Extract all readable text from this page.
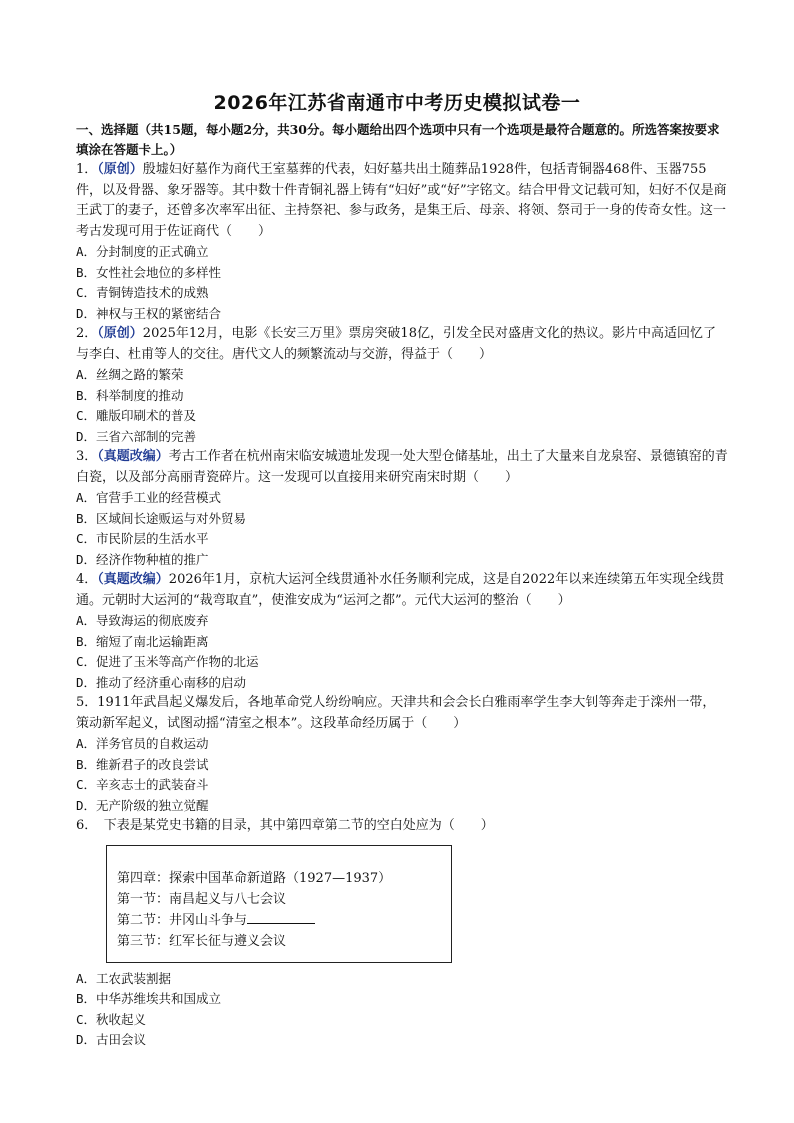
2026年江苏省南通市中考历史模拟试卷一
一、选择题（共15题，每小题2分，共30分。每小题给出四个选项中只有一个选项是最符合题意的。所选答案按要求填涂在答题卡上。）

1．（原创）殷墟妇好墓作为商代王室墓葬的代表，妇好墓共出土随葬品1928件，包括青铜器468件、玉器755件，以及骨器、象牙器等。其中数十件青铜礼器上铸有“妇好”或“好”字铭文。结合甲骨文记载可知，妇好不仅是商王武丁的妻子，还曾多次率军出征、主持祭祀、参与政务，是集王后、母亲、将领、祭司于一身的传奇女性。这一考古发现可用于佐证商代（　　）

A．分封制度的正式确立

B．女性社会地位的多样性

C．青铜铸造技术的成熟

D．神权与王权的紧密结合

2．（原创）2025年12月，电影《长安三万里》票房突破18亿，引发全民对盛唐文化的热议。影片中高适回忆了与李白、杜甫等人的交往。唐代文人的频繁流动与交游，得益于（　　）

A．丝绸之路的繁荣

B．科举制度的推动

C．雕版印刷术的普及

D．三省六部制的完善

3．（真题改编）考古工作者在杭州南宋临安城遗址发现一处大型仓储基址，出土了大量来自龙泉窑、景德镇窑的青白瓷，以及部分高丽青瓷碎片。这一发现可以直接用来研究南宋时期（　　）

A．官营手工业的经营模式

B．区域间长途贩运与对外贸易

C．市民阶层的生活水平

D．经济作物种植的推广

4．（真题改编）2026年1月，京杭大运河全线贯通补水任务顺利完成，这是自2022年以来连续第五年实现全线贯通。元朝时大运河的“裁弯取直”，使淮安成为“运河之都”。元代大运河的整治（　　）

A．导致海运的彻底废弃

B．缩短了南北运输距离

C．促进了玉米等高产作物的北运

D．推动了经济重心南移的启动

5．1911年武昌起义爆发后，各地革命党人纷纷响应。天津共和会会长白雅雨率学生李大钊等奔走于滦州一带，策动新军起义，试图动摇“清室之根本”。这段革命经历属于（　　）

A．洋务官员的自救运动

B．维新君子的改良尝试

C．辛亥志士的武装奋斗

D．无产阶级的独立觉醒

6．　下表是某党史书籍的目录，其中第四章第二节的空白处应为（　　）

第四章：探索中国革命新道路（1927—1937）
第一节：南昌起义与八七会议
第二节：井冈山斗争与
第三节：红军长征与遵义会议

A．工农武装割据

B．中华苏维埃共和国成立

C．秋收起义

D．古田会议
